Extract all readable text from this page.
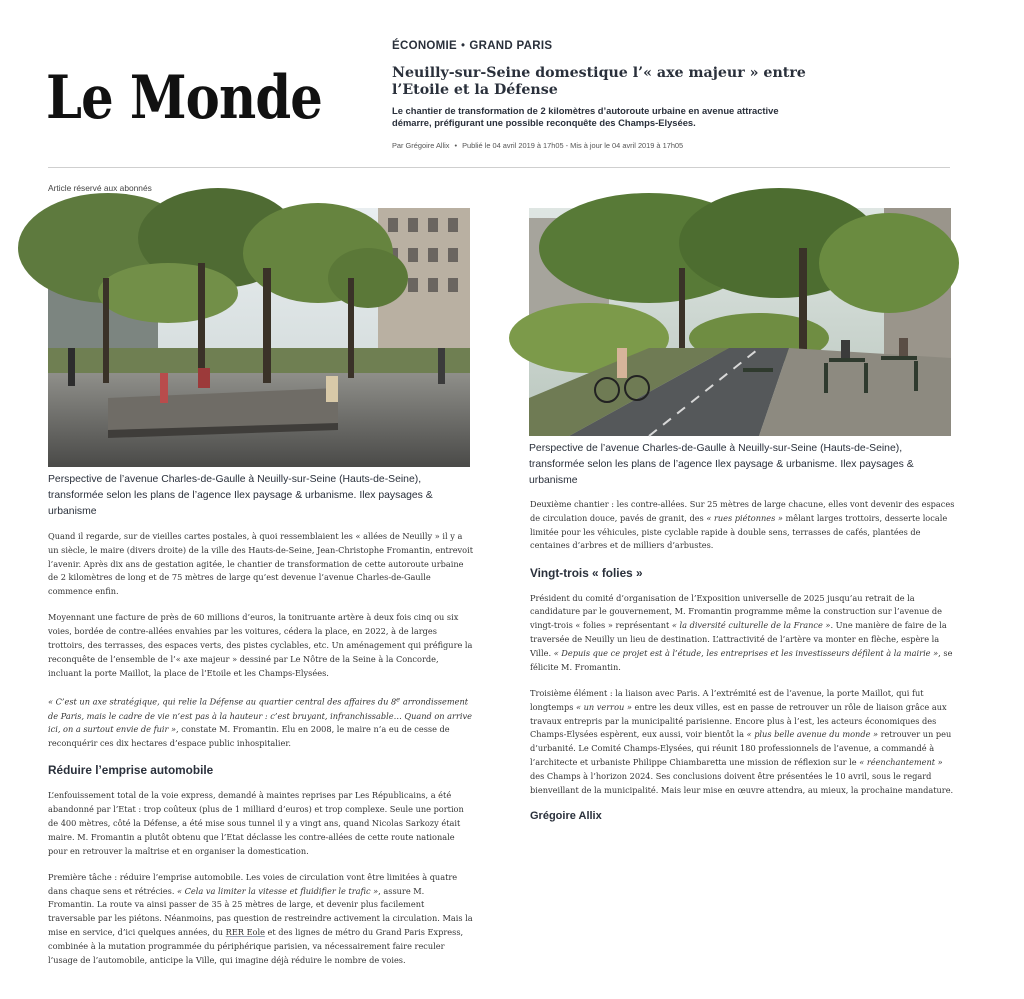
Le Monde
ÉCONOMIE • GRAND PARIS
Neuilly-sur-Seine domestique l’« axe majeur » entre l’Etoile et la Défense

Le chantier de transformation de 2 kilomètres d’autoroute urbaine en avenue attractive démarre, préfigurant une possible reconquête des Champs-Elysées.

Par Grégoire Allix • Publié le 04 avril 2019 à 17h05 - Mis à jour le 04 avril 2019 à 17h05
Article réservé aux abonnés
Perspective de l’avenue Charles-de-Gaulle à Neuilly-sur-Seine (Hauts-de-Seine), transformée selon les plans de l’agence Ilex paysage & urbanisme. Ilex paysages & urbanisme
Perspective de l’avenue Charles-de-Gaulle à Neuilly-sur-Seine (Hauts-de-Seine), transformée selon les plans de l’agence Ilex paysage & urbanisme. Ilex paysages & urbanisme

Quand il regarde, sur de vieilles cartes postales, à quoi ressemblaient les « allées de Neuilly » il y a un siècle, le maire (divers droite) de la ville des Hauts-de-Seine, Jean-Christophe Fromantin, entrevoit l’avenir. Après dix ans de gestation agitée, le chantier de transformation de cette autoroute urbaine de 2 kilomètres de long et de 75 mètres de large qu’est devenue l’avenue Charles-de-Gaulle commence enfin.

Moyennant une facture de près de 60 millions d’euros, la tonitruante artère à deux fois cinq ou six voies, bordée de contre-allées envahies par les voitures, cédera la place, en 2022, à de larges trottoirs, des terrasses, des espaces verts, des pistes cyclables, etc. Un aménagement qui préfigure la reconquête de l’ensemble de l’« axe majeur » dessiné par Le Nôtre de la Seine à la Concorde, incluant la porte Maillot, la place de l’Etoile et les Champs-Elysées.

« C’est un axe stratégique, qui relie la Défense au quartier central des affaires du 8e arrondissement de Paris, mais le cadre de vie n’est pas à la hauteur : c’est bruyant, infranchissable… Quand on arrive ici, on a surtout envie de fuir », constate M. Fromantin. Elu en 2008, le maire n’a eu de cesse de reconquérir ces dix hectares d’espace public inhospitalier.

Réduire l’emprise automobile

L’enfouissement total de la voie express, demandé à maintes reprises par Les Républicains, a été abandonné par l’Etat : trop coûteux (plus de 1 milliard d’euros) et trop complexe. Seule une portion de 400 mètres, côté la Défense, a été mise sous tunnel il y a vingt ans, quand Nicolas Sarkozy était maire. M. Fromantin a plutôt obtenu que l’Etat déclasse les contre-allées de cette route nationale pour en retrouver la maîtrise et en organiser la domestication.

Première tâche : réduire l’emprise automobile. Les voies de circulation vont être limitées à quatre dans chaque sens et rétrécies. « Cela va limiter la vitesse et fluidifier le trafic », assure M. Fromantin. La route va ainsi passer de 35 à 25 mètres de large, et devenir plus facilement traversable par les piétons. Néanmoins, pas question de restreindre activement la circulation. Mais la mise en service, d’ici quelques années, du RER Eole et des lignes de métro du Grand Paris Express, combinée à la mutation programmée du périphérique parisien, va nécessairement faire reculer l’usage de l’automobile, anticipe la Ville, qui imagine déjà réduire le nombre de voies.

Deuxième chantier : les contre-allées. Sur 25 mètres de large chacune, elles vont devenir des espaces de circulation douce, pavés de granit, des « rues piétonnes » mêlant larges trottoirs, desserte locale limitée pour les véhicules, piste cyclable rapide à double sens, terrasses de cafés, plantées de centaines d’arbres et de milliers d’arbustes.

Vingt-trois « folies »

Président du comité d’organisation de l’Exposition universelle de 2025 jusqu’au retrait de la candidature par le gouvernement, M. Fromantin programme même la construction sur l’avenue de vingt-trois « folies » représentant « la diversité culturelle de la France ». Une manière de faire de la traversée de Neuilly un lieu de destination. L’attractivité de l’artère va monter en flèche, espère la Ville. « Depuis que ce projet est à l’étude, les entreprises et les investisseurs défilent à la mairie », se félicite M. Fromantin.

Troisième élément : la liaison avec Paris. A l’extrémité est de l’avenue, la porte Maillot, qui fut longtemps « un verrou » entre les deux villes, est en passe de retrouver un rôle de liaison grâce aux travaux entrepris par la municipalité parisienne. Encore plus à l’est, les acteurs économiques des Champs-Elysées espèrent, eux aussi, voir bientôt la « plus belle avenue du monde » retrouver un peu d’urbanité. Le Comité Champs-Elysées, qui réunit 180 professionnels de l’avenue, a commandé à l’architecte et urbaniste Philippe Chiambaretta une mission de réflexion sur le « réenchantement » des Champs à l’horizon 2024. Ses conclusions doivent être présentées le 10 avril, sous le regard bienveillant de la municipalité. Mais leur mise en œuvre attendra, au mieux, la prochaine mandature.

Grégoire Allix
